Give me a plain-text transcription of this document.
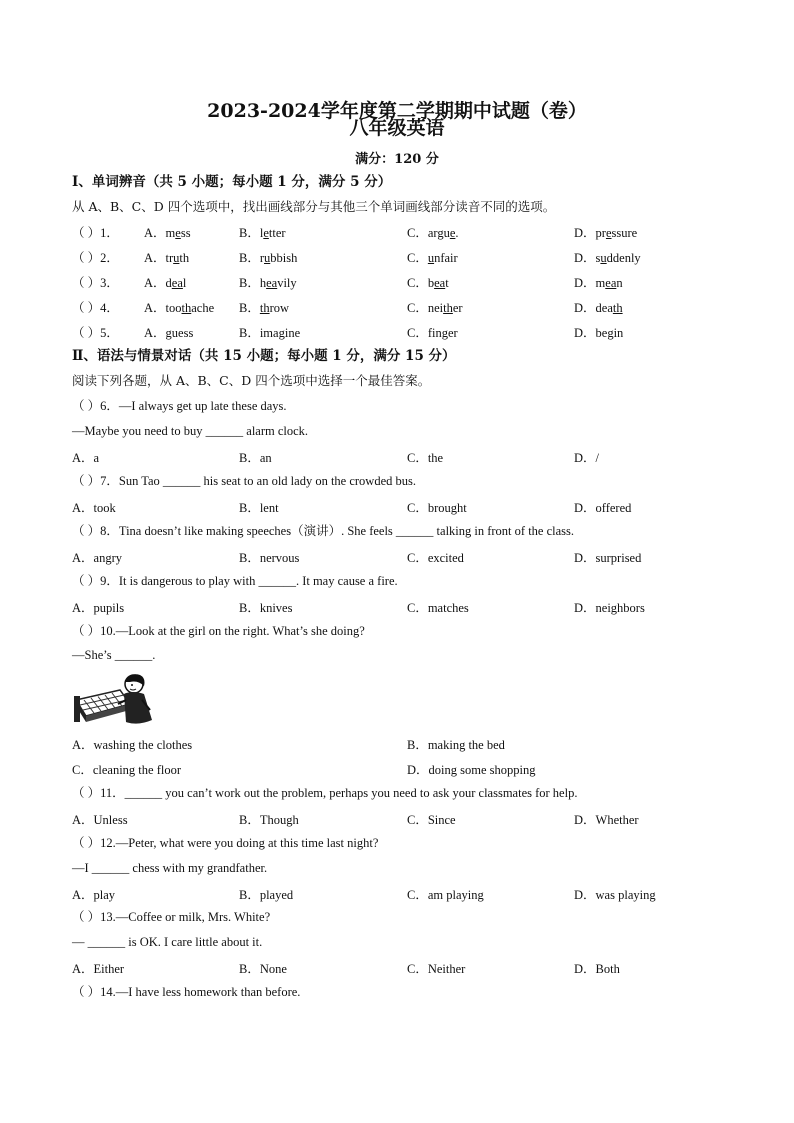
2023-2024学年度第二学期期中试题（卷）
八年级英语
满分：120 分
Ⅰ、单词辨音（共 5 小题；每小题 1 分，满分 5 分）
从 A、B、C、D 四个选项中，找出画线部分与其他三个单词画线部分读音不同的选项。
（ ）1． A．mess	B．letter	C．argue.	D．pressure
（ ）2． A．truth	B．rubbish	C．unfair	D．suddenly
（ ）3． A．deal	B．heavily	C．beat	D．mean
（ ）4． A．toothache B．throw	C．neither	D．death
（ ）5． A．guess	B．imagine	C．finger	D．begin
Ⅱ、语法与情景对话（共 15 小题；每小题 1 分，满分 15 分）
阅读下列各题，从 A、B、C、D 四个选项中选择一个最佳答案。
（ ）6．—I always get up late these days.
—Maybe you need to buy ______ alarm clock.
A．a	B．an	C．the	D．/
（ ）7．Sun Tao ______ his seat to an old lady on the crowded bus.
A．took	B．lent	C．brought	D．offered
（ ）8．Tina doesn’t like making speeches（演讲）. She feels ______ talking in front of the class.
A．angry	B．nervous	C．excited	D．surprised
（ ）9．It is dangerous to play with ______. It may cause a fire.
A．pupils	B．knives	C．matches	D．neighbors
（ ）10.—Look at the girl on the right. What’s she doing?
—She’s ______.
A．washing the clothes	B．making the bed
C．cleaning the floor	D．doing some shopping
（ ）11．______ you can’t work out the problem, perhaps you need to ask your classmates for help.
A．Unless	B．Though	C．Since	D．Whether
（ ）12.—Peter, what were you doing at this time last night?
—I ______ chess with my grandfather.
A．play	B．played	C．am playing	D．was playing
（ ）13.—Coffee or milk, Mrs. White?
— ______ is OK. I care little about it.
A．Either	B．None	C．Neither	D．Both
（ ）14.—I have less homework than before.
